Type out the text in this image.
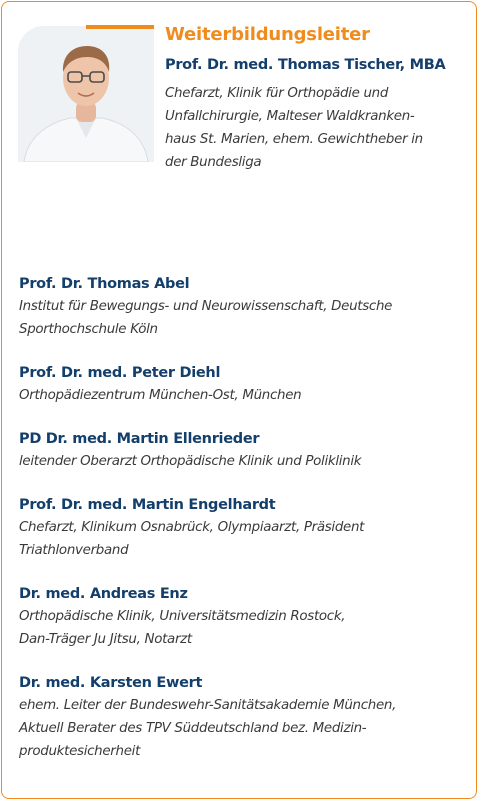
Weiterbildungsleiter
Prof. Dr. med. Thomas Tischer, MBA
Chefarzt, Klinik für Orthopädie und
Unfallchirurgie, Malteser Waldkranken-
haus St. Marien, ehem. Gewichtheber in
der Bundesliga
Prof. Dr. Thomas Abel
Institut für Bewegungs- und Neurowissenschaft, Deutsche
Sporthochschule Köln
Prof. Dr. med. Peter Diehl
Orthopädiezentrum München-Ost, München
PD Dr. med. Martin Ellenrieder
leitender Oberarzt Orthopädische Klinik und Poliklinik
Prof. Dr. med. Martin Engelhardt
Chefarzt, Klinikum Osnabrück, Olympiaarzt, Präsident
Triathlonverband
Dr. med. Andreas Enz
Orthopädische Klinik, Universitätsmedizin Rostock,
Dan-Träger Ju Jitsu, Notarzt
Dr. med. Karsten Ewert
ehem. Leiter der Bundeswehr-Sanitätsakademie München,
Aktuell Berater des TPV Süddeutschland bez. Medizin-
produktesicherheit
